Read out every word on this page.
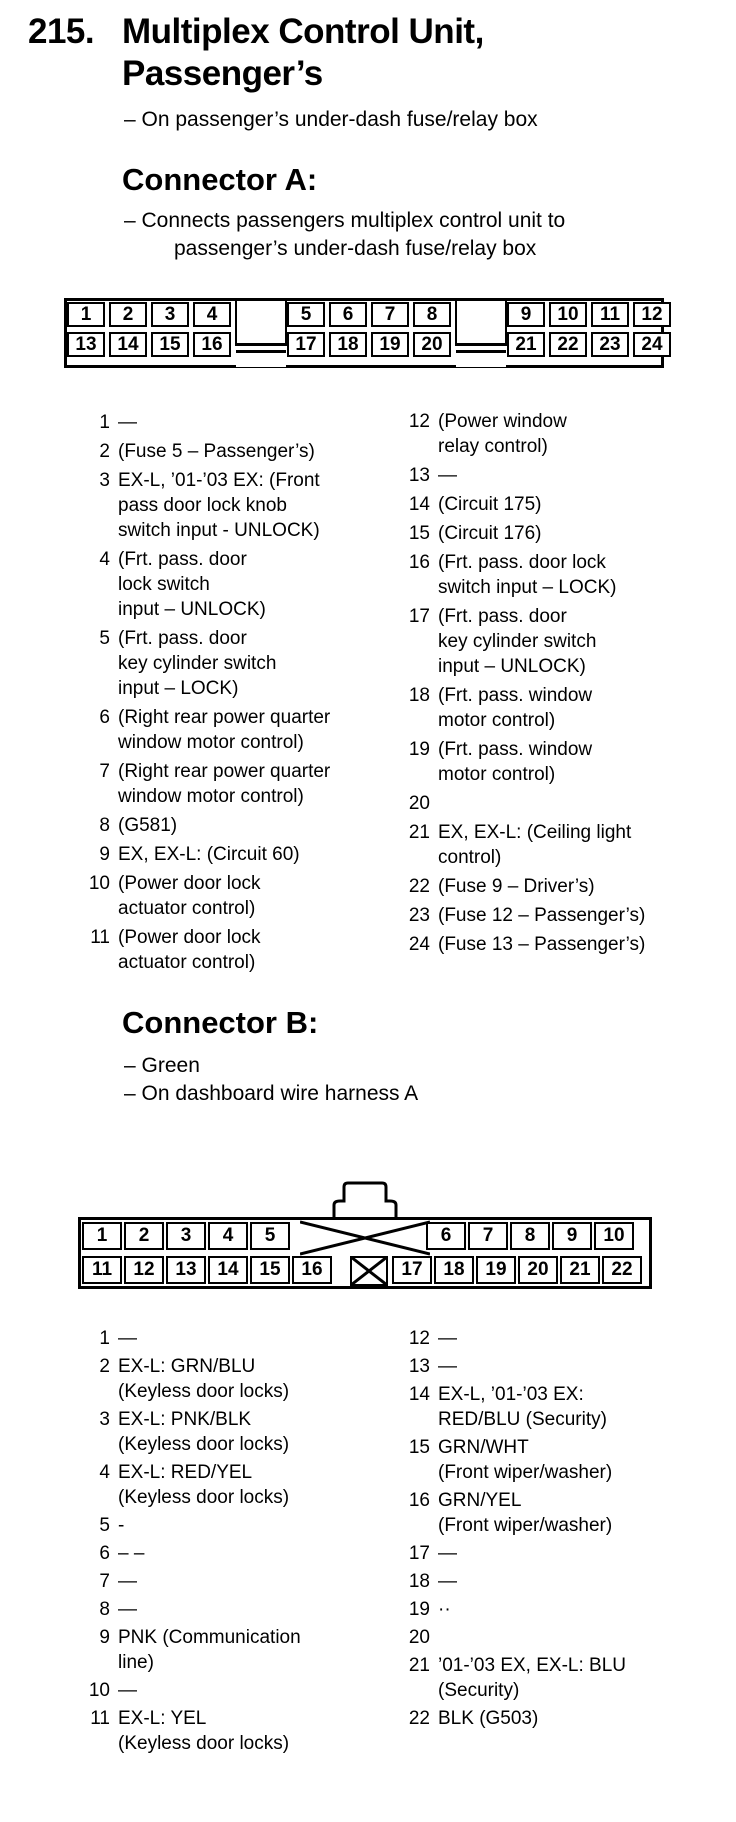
215. Multiplex Control Unit,
Passenger’s
– On passenger’s under-dash fuse/relay box
Connector A:
– Connects passengers multiplex control unit to
passenger’s under-dash fuse/relay box
1	2	3	4	5	6	7	8	9	10	11	12
13	14	15	16	17	18	19	20	21	22	23	24
1 —
2 (Fuse 5 – Passenger’s)
3 EX-L, ’01-’03 EX: (Front
pass door lock knob
switch input - UNLOCK)
4 (Frt. pass. door
lock switch
input – UNLOCK)
5 (Frt. pass. door
key cylinder switch
input – LOCK)
6 (Right rear power quarter
window motor control)
7 (Right rear power quarter
window motor control)
8 (G581)
9 EX, EX-L: (Circuit 60)
10 (Power door lock
actuator control)
11 (Power door lock
actuator control)
12 (Power window
relay control)
13 —
14 (Circuit 175)
15 (Circuit 176)
16 (Frt. pass. door lock
switch input – LOCK)
17 (Frt. pass. door
key cylinder switch
input – UNLOCK)
18 (Frt. pass. window
motor control)
19 (Frt. pass. window
motor control)
20
21 EX, EX-L: (Ceiling light
control)
22 (Fuse 9 – Driver’s)
23 (Fuse 12 – Passenger’s)
24 (Fuse 13 – Passenger’s)
Connector B:
– Green
– On dashboard wire harness A
1	2	3	4	5	6	7	8	9	10
11	12	13	14	15	16	17	18	19	20	21	22
1 —
2 EX-L: GRN/BLU
(Keyless door locks)
3 EX-L: PNK/BLK
(Keyless door locks)
4 EX-L: RED/YEL
(Keyless door locks)
5 -
6 – –
7 —
8 —
9 PNK (Communication
line)
10 —
11 EX-L: YEL
(Keyless door locks)
12 —
13 —
14 EX-L, ’01-’03 EX:
RED/BLU (Security)
15 GRN/WHT
(Front wiper/washer)
16 GRN/YEL
(Front wiper/washer)
17 —
18 —
19 ··
20
21 ’01-’03 EX, EX-L: BLU
(Security)
22 BLK (G503)
